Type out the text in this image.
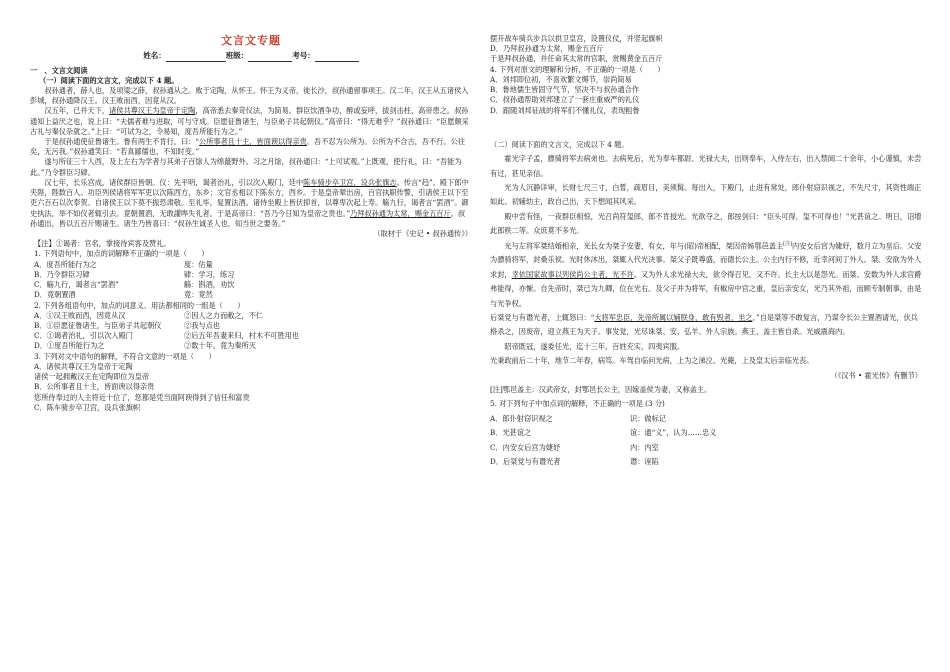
文言文专题
姓名：	班级：	考号：
一　、文言文阅读
（一）阅读下面的文言文，完成以下 4 题。

叔孙通者，薛人也，及项梁之薛，叔孙通从之。败于定陶，从怀王。怀王为义帝，徙长沙，叔孙通留事项王。汉二年，汉王从五诸侯入彭城，叔孙通降汉王。汉王败而西，因竟从汉。

汉五年，已并天下，诸侯共尊汉王为皇帝于定陶，高帝悉去秦苛仪法，为简易。群臣饮酒争功，醉或妄呼，拔剑击柱，高帝患之。叔孙通知上益厌之也，说上曰：“夫儒者难与进取，可与守成。臣愿征鲁诸生，与臣弟子共起朝仪。”高帝曰：“得无难乎？”叔孙通曰：“臣愿颇采古礼与秦仪杂就之。”上曰：“可试为之，令易知，度吾所能行为之。”

于是叔孙通使征鲁诸生。鲁有两生不肯行，曰：“公所事者且十主，皆面谀以得亲贵。吾不忍为公所为。公所为不合古，吾不行。公往矣，无污我。”叔孙通笑曰：“若真鄙儒也，不知时变。”

遂与所征三十人西，及上左右为学者与其弟子百馀人为绵蕞野外。习之月馀，叔孙通曰：“上可试观。”上既观，使行礼，曰：“吾能为此。”乃令群臣习肄。

汉七年，长乐宫成，诸侯群臣皆朝。仪：先平明，谒者治礼，引以次入殿门，廷中陈车骑步卒卫宫，设兵张旗志。传言“趋”。殿下郎中夹陛，陛数百人。功臣列侯诸将军军吏以次陈西方，东乡；文官丞相以下陈东方，西乡。于是皇帝辇出房，百官执职传警，引诸侯王以下至吏六百石以次奉贺。自诸侯王以下莫不振恐肃敬。至礼毕，复置法酒。诸侍坐殿上皆伏抑首，以尊卑次起上寿。觞九行，谒者言“罢酒”。御史执法，举不如仪者辄引去。竟朝置酒，无敢讙哗失礼者。于是高帝曰：“吾乃今日知为皇帝之贵也。”乃拜叔孙通为太常，赐金五百斤。叔孙通出，皆以五百斤赐诸生。诸生乃皆喜曰：“叔孙生诚圣人也，知当世之要务。”

（取材于《史记 • 叔孙通传》）

【注】①谒者：官名，掌接待宾客及赞礼。

1. 下列语句中，加点的词解释不正确的一项是（　　）

A．度吾所能行为之	度：估量
B．乃令群臣习肄	肄：学习，练习
C．觞九行，谒者言“罢酒”	觞：斟酒，劝饮
D．竟朝置酒	竟：竟然

2. 下列各组语句中，加点的词意义、用法都相同的一组是（　　）

A．①汉王败而西，因竟从汉	②因人之力而敝之，不仁
B．①臣愿征鲁诸生，与臣弟子共起朝仪	②我与点也
C．①谒者治礼，引以次入殿门	②后五年吾妻来归，村木不可胜用也
D．①度吾所能行为之	②数十年，竟为秦所灭

3. 下列对文中语句的解释，不符合文意的一项是（　　）

A．诸侯共尊汉王为皇帝于定陶

诸侯一起拥戴汉王在定陶即位为皇帝

B．公所事者且十主，皆面谀以得亲贵

您所侍奉过的人主将近十位了，您都是凭当面阿谀得到了信任和富贵

C．陈车骑步卒卫宫，设兵张旗帜

摆开战车骑兵步兵以拱卫皇宫，设置仪仗，并竖起旗帜

D．乃拜叔孙通为太常，赐金五百斤

于是拜叔孙通，并任命其太常的官职，赏赐黄金五百斤

4. 下列对原文的理解和分析，不正确的一项是（　　）

A．刘邦即位初，不喜欢繁文缛节，崇尚简易

B．鲁地儒生皆固守气节，坚决不与叔孙通合作

C．叔孙通帮助刘邦建立了一套庄重威严的礼仪

D．跟随刘邦征战的将军们不懂礼仪，表现粗鲁

（二）阅读下面的文言文，完成以下 4 题。

霍光字子孟，骠骑将军去病弟也。去病死后，光为奉车都尉、光禄大夫，出则奉车，入侍左右，出入禁闼二十余年，小心谨慎，未尝有过，甚见亲信。

光为人沉静详审，长财七尺三寸，白皙，疏眉目，美须髯。每出入，下殿门，止进有常处，郎仆射窃识视之，不失尺寸，其资性端正如此。初辅幼主，政自己出，天下想闻其风采。

殿中尝有怪，一夜群臣相惊，光召尚符玺郎，郎不肯授光。光欲夺之，郎按剑曰：“臣头可得，玺不可得也！”光甚谊之。明日，诏增此郎秩二等。众庶莫不多光。

光与左将军桀结婚相亲，光长女为桀子安妻，有女，年与(昭)帝相配，桀因帝姊鄂邑盖主[注]内安女后宫为婕妤，数月立为皇后。父安为骠骑将军，封桑乐侯。光时休沐出，桀辄入代光决事。桀父子既尊盛，而德长公主。公主内行不修，近幸河间丁外人。桀、安欲为外人求封，幸依国家故事以列侯尚公主者，光不许。又为外人求光禄大夫，欲令得召见，又不许。长主大以是怨光。而桀、安数为外人求官爵弗能得，亦惭。自先帝时，桀已为九卿，位在光右。及父子并为将军，有椒房中宫之重，皇后亲安女，光乃其外祖，而顾专制朝事，由是与光争权。

后桀党与有谮光者，上辄怒曰：“大将军忠臣，先帝所属以辅朕身，敢有毁者，坐之。”自是桀等不敢复言，乃谋令长公主置酒请光，伏兵格杀之，因废帝，迎立燕王为天子。事发觉，光尽诛桀、安、弘羊、外人宗族。燕王、盖主皆自杀。光威震海内。

昭帝既冠，遂委任光，迄十三年，百姓充实，四夷宾服。

光秉政前后二十年，地节二年春，病笃。车驾自临问光病，上为之涕泣。光薨，上及皇太后亲临光丧。

（《汉书 • 霍光传》有删节）

[注]鄂邑盖主：汉武帝女，封鄂邑长公主，因嫁盖侯为妻，又称盖主。

5. 对下列句子中加点词的解释，不正确的一项是 (3 分)

A．郎仆射窃识视之	识：做标记
B．光甚谊之	谊：通“义”，认为……忠义
C．内安女后宫为婕妤	内：内室
D．后桀党与有谮光者	谮：诬陷
